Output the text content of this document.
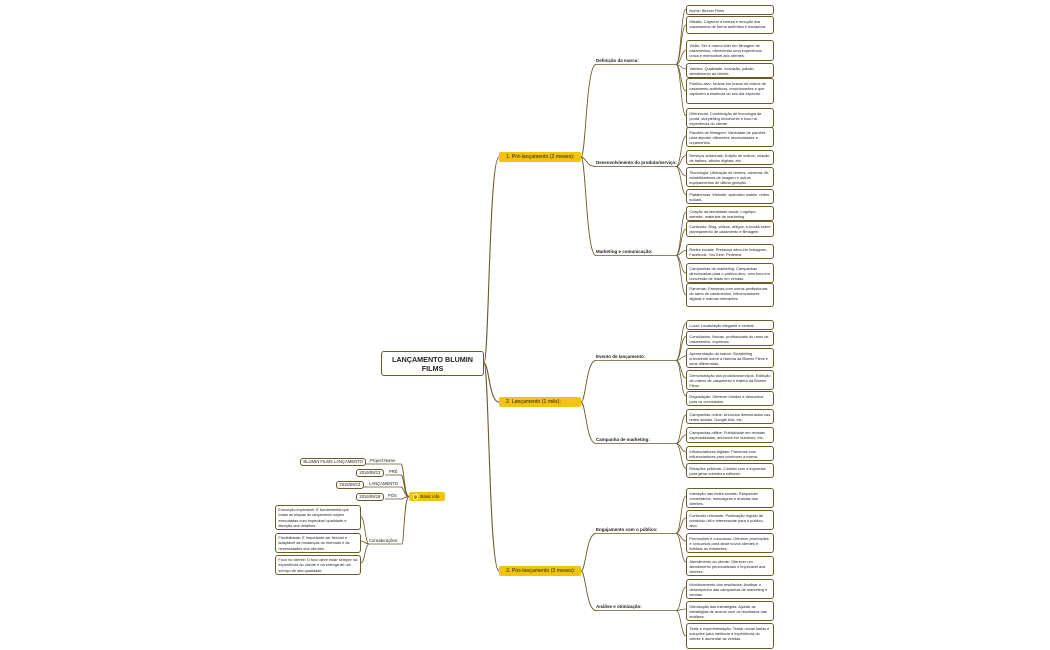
LANÇAMENTO BLUMIN FILMS
1. Pré-lançamento (2 meses):
Definição da marca:
Nome: Blumin Films
Missão: Capturar a beleza e emoção dos casamentos de forma autêntica e inovadora.
Visão: Ser a marca líder em filmagem de casamentos, oferecendo uma experiência única e memorável aos clientes.
Valores: Qualidade, inovação, paixão, atendimento ao cliente.
Público-alvo: Noivas em busca de vídeos de casamento autênticos, emocionantes e que capturem a essência do seu dia especial.
Diferencial: Combinação de tecnologia de ponta, storytelling envolvente e foco na experiência do cliente.
Desenvolvimento do produto/serviço:
Pacotes de filmagem: Variedade de pacotes para atender diferentes necessidades e orçamentos.
Serviços adicionais: Edição de vídeos, criação de trailers, álbuns digitais, etc.
Tecnologia: Utilização de drones, câmeras 4K, estabilizadores de imagem e outros equipamentos de última geração.
Plataformas: Website, aplicativo mobile, redes sociais.
Marketing e comunicação:
Criação da identidade visual: Logotipo, website, materiais de marketing.
Conteúdo: Blog, vídeos, artigos, e-books sobre planejamento de casamento e filmagem.
Redes sociais: Presença ativa em Instagram, Facebook, YouTube, Pinterest.
Campanhas de marketing: Campanhas direcionadas para o público-alvo, com foco em conversão de leads em vendas.
Parcerias: Parcerias com outros profissionais do ramo de casamentos, influenciadores digitais e marcas relevantes.
2. Lançamento (1 mês):
Evento de lançamento:
Local: Localização elegante e central.
Convidados: Noivas, profissionais do ramo de casamentos, imprensa.
Apresentação da marca: Storytelling envolvente sobre a história da Blumin Films e seus diferenciais.
Demonstração dos produtos/serviços: Exibição de vídeos de casamento e trailers da Blumin Films.
Degustação: Oferecer brindes e descontos para os convidados.
Campanha de marketing:
Campanhas online: Anúncios direcionados nas redes sociais, Google Ads, etc.
Campanhas offline: Publicidade em revistas especializadas, anúncios em outdoors, etc.
Influenciadores digitais: Parcerias com influenciadores para promover a marca.
Relações públicas: Contato com a imprensa para gerar cobertura editorial.
3. Pós-lançamento (3 meses):
Engajamento com o público:
Interação nas redes sociais: Responder comentários, mensagens e dúvidas dos clientes.
Conteúdo relevante: Publicação regular de conteúdo útil e interessante para o público-alvo.
Promoções e concursos: Oferecer promoções e concursos para atrair novos clientes e fidelizar os existentes.
Atendimento ao cliente: Oferecer um atendimento personalizado e impecável aos clientes.
Análise e otimização:
Monitoramento dos resultados: Analisar o desempenho das campanhas de marketing e vendas.
Otimização das estratégias: Ajustar as estratégias de acordo com os resultados das análises.
Teste e experimentação: Testar novas ideias e soluções para melhorar a experiência do cliente e aumentar as vendas.
Project Name
BLUMIN FILMS LANÇAMENTO
PRÉ
2016/08/13
LANÇAMENTO
2016/09/13
PÓS
2016/09/18
Considerações:
Execução impecável: É fundamental que todas as etapas do lançamento sejam executadas com impecável qualidade e atenção aos detalhes.
Flexibilidade: É importante ser flexível e adaptável às mudanças do mercado e às necessidades dos clientes.
Foco no cliente: O foco deve estar sempre na experiência do cliente e na entrega de um serviço de alta qualidade.
Basic info
